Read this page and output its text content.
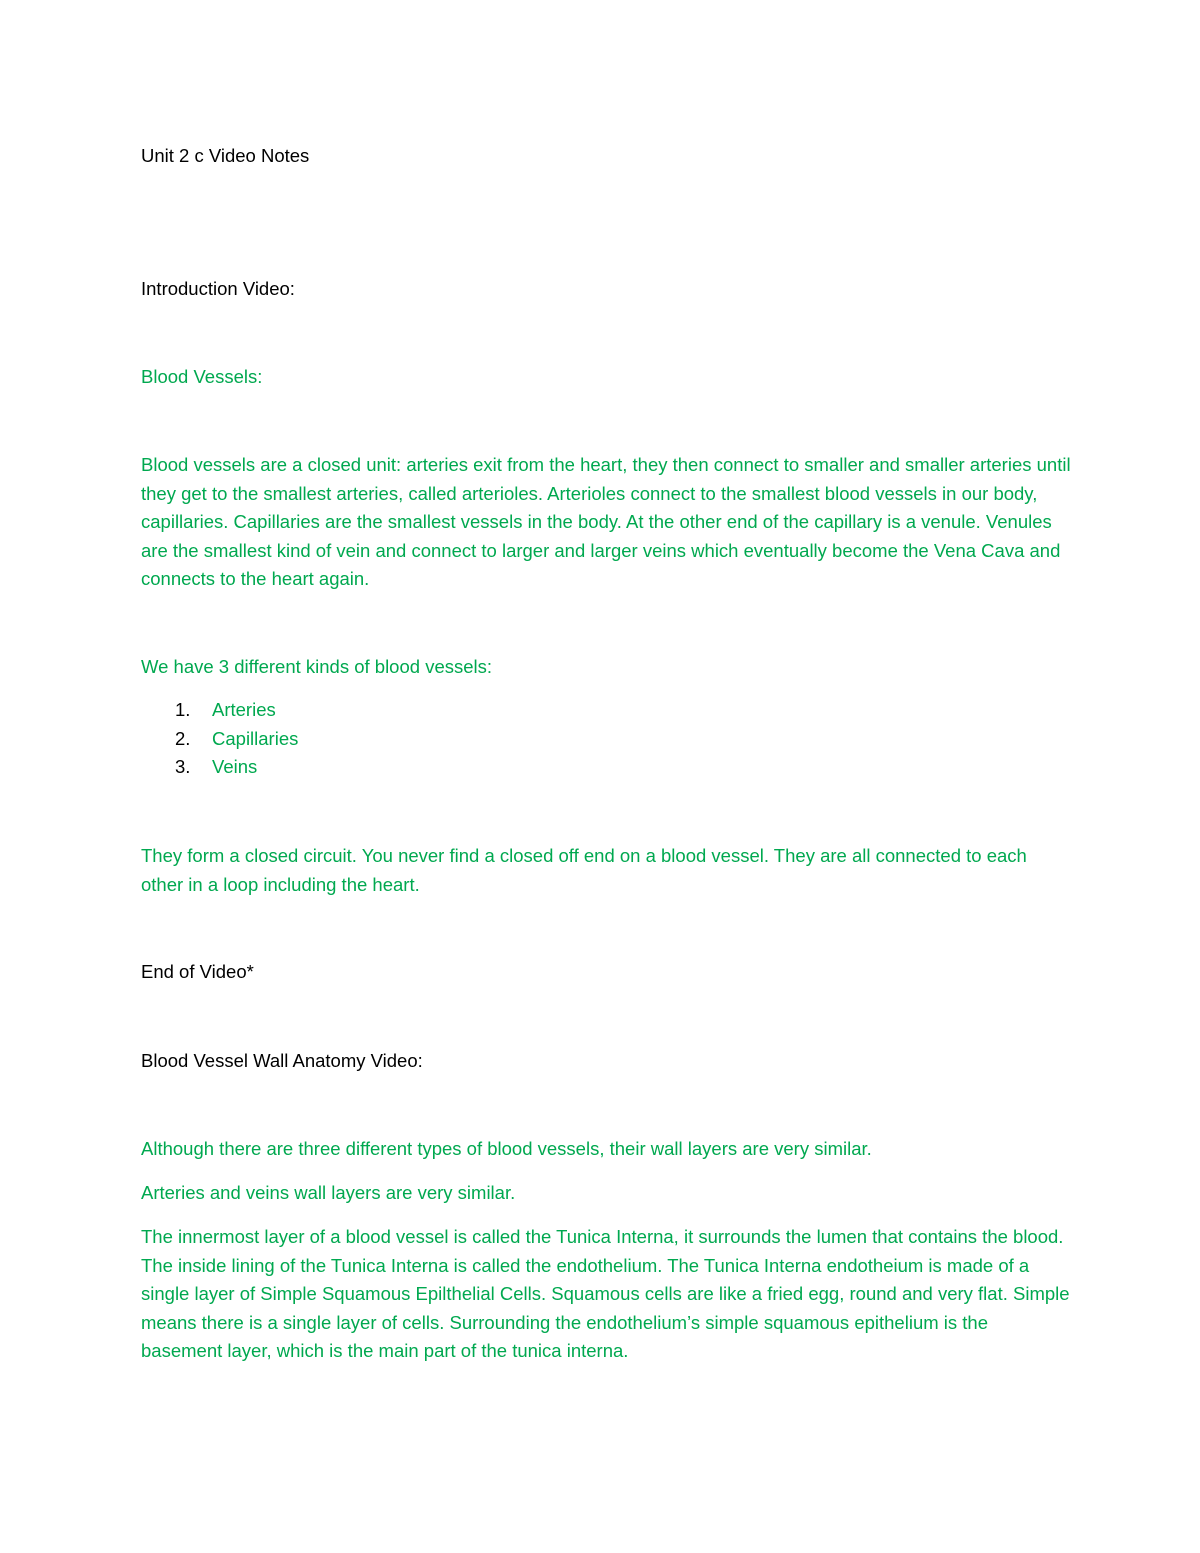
Unit 2 c Video Notes
Introduction Video:
Blood Vessels:
Blood vessels are a closed unit: arteries exit from the heart, they then connect to smaller and smaller arteries until they get to the smallest arteries, called arterioles. Arterioles connect to the smallest blood vessels in our body, capillaries. Capillaries are the smallest vessels in the body. At the other end of the capillary is a venule. Venules are the smallest kind of vein and connect to larger and larger veins which eventually become the Vena Cava and connects to the heart again.
We have 3 different kinds of blood vessels:
1. Arteries
2. Capillaries
3. Veins
They form a closed circuit. You never find a closed off end on a blood vessel. They are all connected to each other in a loop including the heart.
End of Video*
Blood Vessel Wall Anatomy Video:
Although there are three different types of blood vessels, their wall layers are very similar.
Arteries and veins wall layers are very similar.
The innermost layer of a blood vessel is called the Tunica Interna, it surrounds the lumen that contains the blood. The inside lining of the Tunica Interna is called the endothelium. The Tunica Interna endotheium is made of a single layer of Simple Squamous Epilthelial Cells. Squamous cells are like a fried egg, round and very flat. Simple means there is a single layer of cells. Surrounding the endothelium’s simple squamous epithelium is the basement layer, which is the main part of the tunica interna.
